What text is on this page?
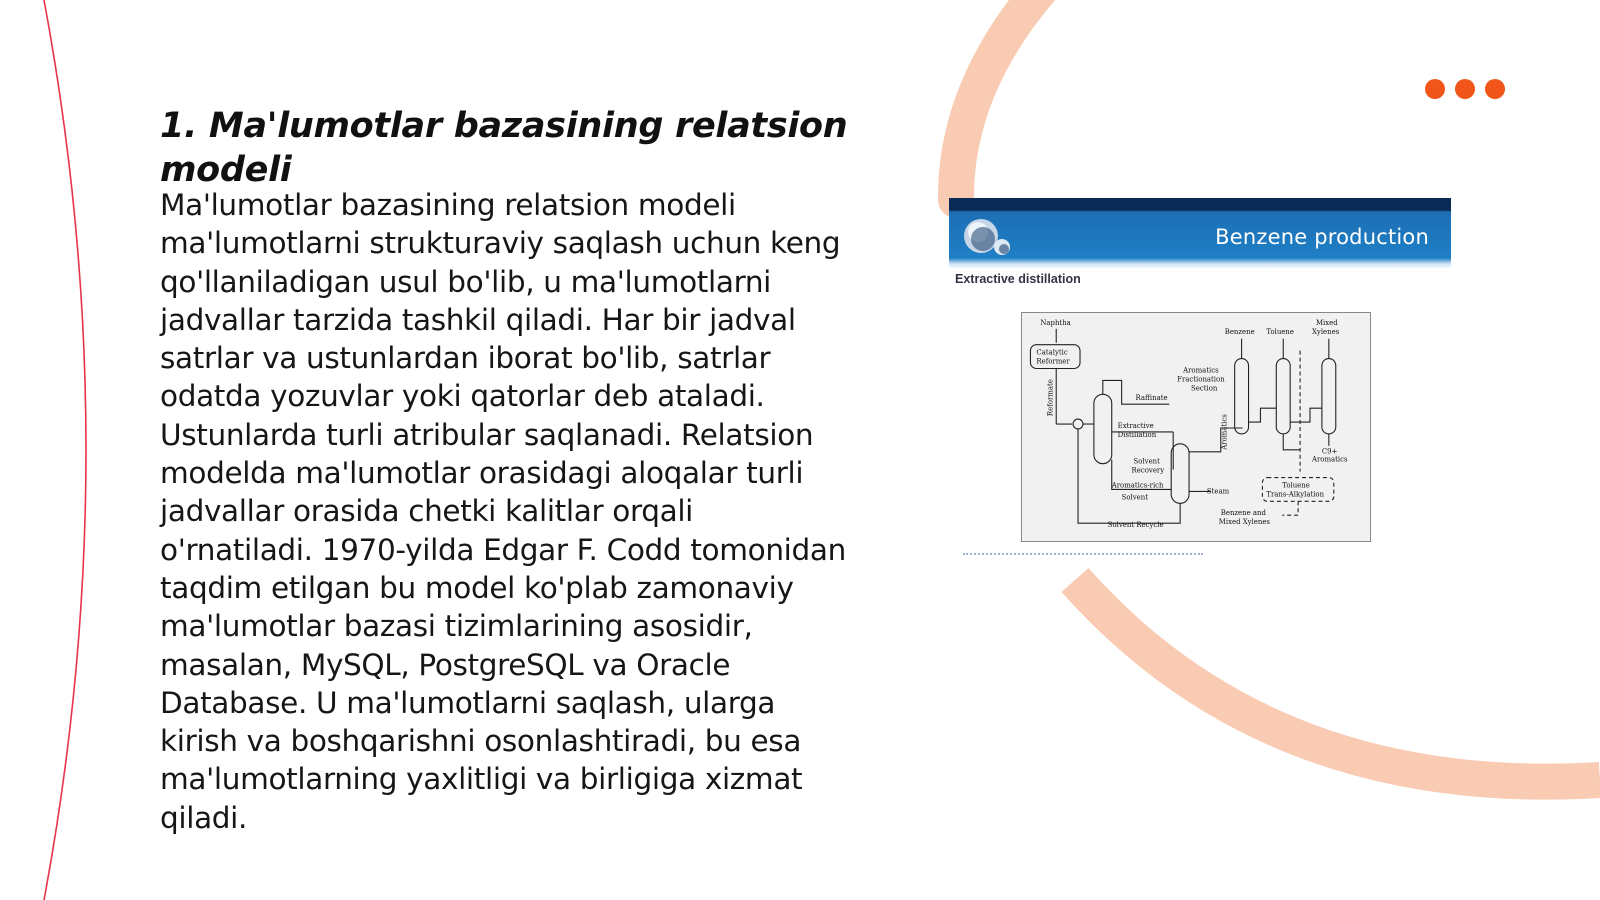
1. Ma'lumotlar bazasining relatsion modeli

Ma'lumotlar bazasining relatsion modeli ma'lumotlarni strukturaviy saqlash uchun keng qo'llaniladigan usul bo'lib, u ma'lumotlarni jadvallar tarzida tashkil qiladi. Har bir jadval satrlar va ustunlardan iborat bo'lib, satrlar odatda yozuvlar yoki qatorlar deb ataladi. Ustunlarda turli atribular saqlanadi. Relatsion modelda ma'lumotlar orasidagi aloqalar turli jadvallar orasida chetki kalitlar orqali o'rnatiladi. 1970-yilda Edgar F. Codd tomonidan taqdim etilgan bu model ko'plab zamonaviy ma'lumotlar bazasi tizimlarining asosidir, masalan, MySQL, PostgreSQL va Oracle Database. U ma'lumotlarni saqlash, ularga kirish va boshqarishni osonlashtiradi, bu esa ma'lumotlarning yaxlitligi va birligiga xizmat qiladi.

Benzene production
Extractive distillation
Naphtha
Catalytic
Reformer
Reformate	Raffinate
Extractive
Distillation
Solvent
Recovery
Aromatics-rich
Solvent
Steam
Solvent Recycle
Aromatics
Fractionation
Section
Aromatics
Benzene Toluene
Mixed
Xylenes
C9+
Aromatics
Toluene
Trans-Alkylation
Benzene and
Mixed Xylenes
